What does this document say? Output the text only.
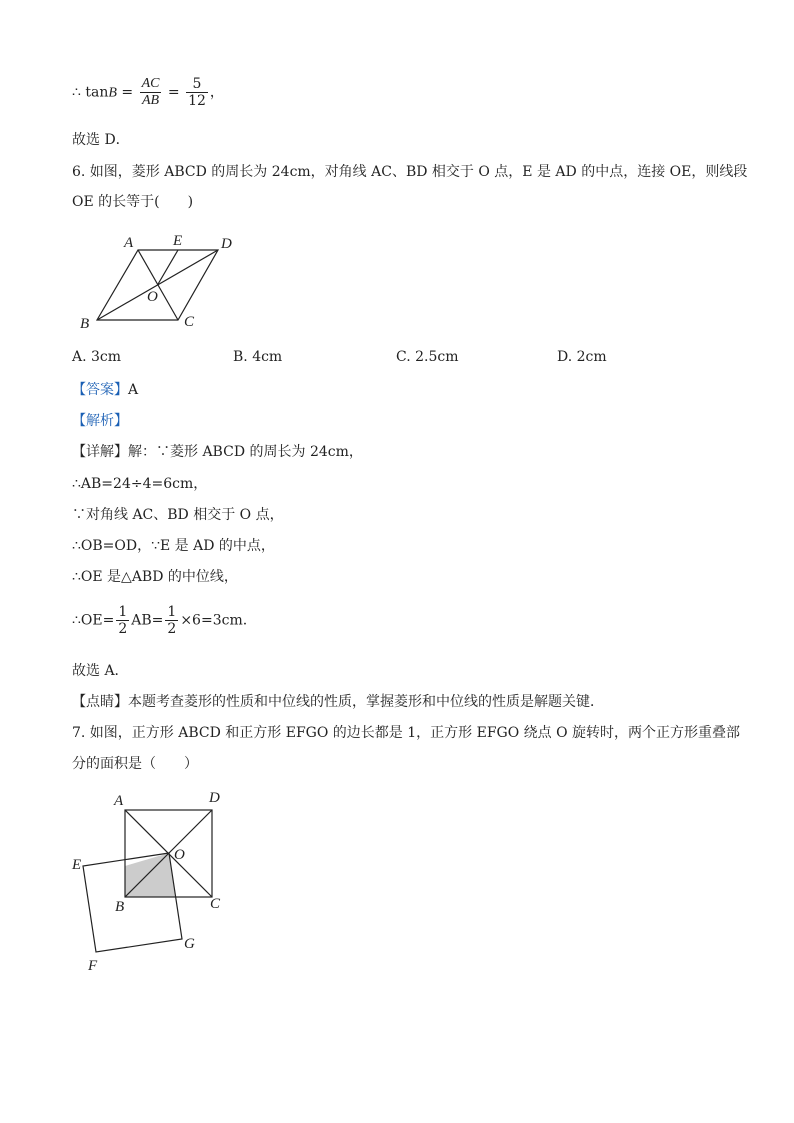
∴ $\tan B = \frac{AC}{AB} = \frac{5}{12}$ ，
故选 D．
6. 如图，菱形 ABCD 的周长为 24cm，对角线 AC、BD 相交于 O 点，E 是 AD 的中点，连接 OE，则线段
OE 的长等于(　　)
A	E	D
O
B	C
A. 3cm	B. 4cm	C. 2.5cm	D. 2cm
【答案】A
【解析】
【详解】解：∵菱形 ABCD 的周长为 24cm，
∴AB=24÷4=6cm，
∵对角线 AC、BD 相交于 O 点，
∴OB=OD，∵E 是 AD 的中点，
∴OE 是△ABD 的中位线，
∴OE= $\frac{1}{2} AB= \frac{1}{2} \times 6=3cm$.
故选 A．
【点睛】本题考查菱形的性质和中位线的性质，掌握菱形和中位线的性质是解题关键．
7. 如图，正方形 ABCD 和正方形 EFGO 的边长都是 1，正方形 EFGO 绕点 O 旋转时，两个正方形重叠部
分的面积是（　　）
A	D
E
O
B	C
F
G
